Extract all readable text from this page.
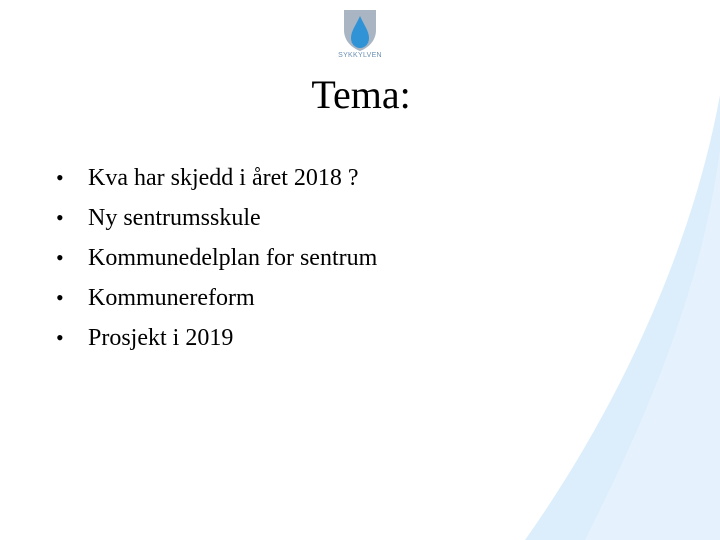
SYKKYLVEN
Tema:
• Kva har skjedd i året 2018 ?
• Ny sentrumsskule
• Kommunedelplan for sentrum
• Kommunereform
• Prosjekt i 2019
